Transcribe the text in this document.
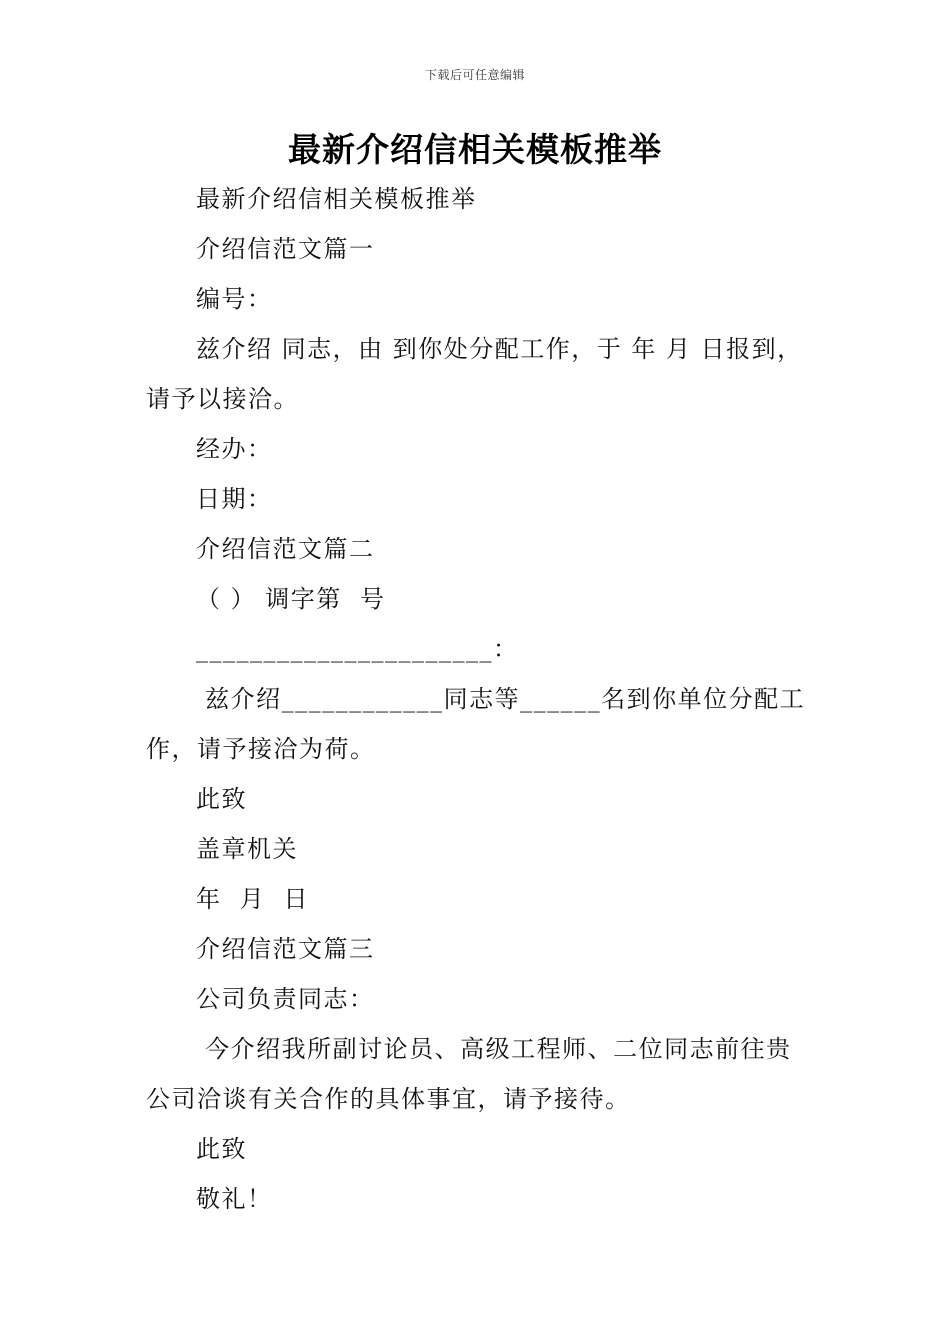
下载后可任意编辑
最新介绍信相关模板推举

最新介绍信相关模板推举

介绍信范文篇一

编号：

兹介绍 同志，由 到你处分配工作，于 年 月 日报到，请予以接洽。

经办：

日期：

介绍信范文篇二

（ ） 调字第  号

______________________：

兹介绍____________同志等______名到你单位分配工作，请予接洽为荷。

此致

盖章机关

年  月  日

介绍信范文篇三

公司负责同志：

今介绍我所副讨论员、高级工程师、二位同志前往贵公司洽谈有关合作的具体事宜，请予接待。

此致

敬礼！
